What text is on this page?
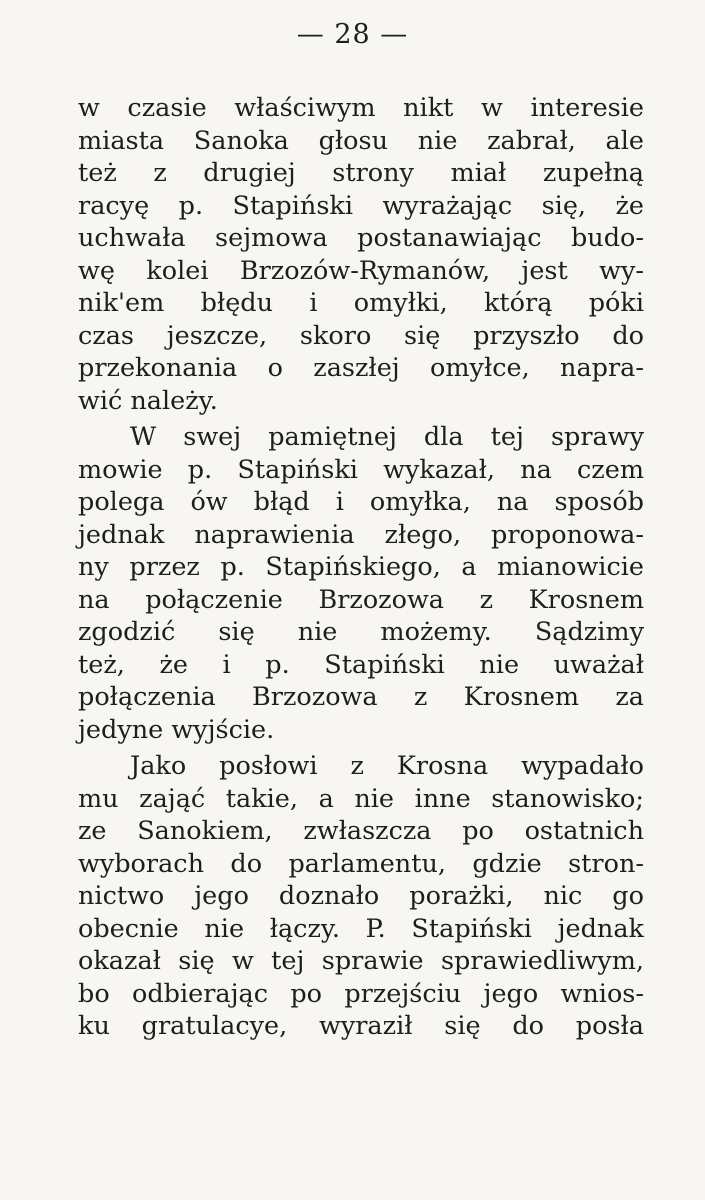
— 28 —
w czasie właściwym nikt w interesie
miasta Sanoka głosu nie zabrał, ale
też z drugiej strony miał zupełną
racyę p. Stapiński wyrażając się, że
uchwała sejmowa postanawiając budo-
wę kolei Brzozów-Rymanów, jest wy-
nik'em błędu i omyłki, którą póki
czas jeszcze, skoro się przyszło do
przekonania o zaszłej omyłce, napra-
wić należy.
W swej pamiętnej dla tej sprawy
mowie p. Stapiński wykazał, na czem
polega ów błąd i omyłka, na sposób
jednak naprawienia złego, proponowa-
ny przez p. Stapińskiego, a mianowicie
na połączenie Brzozowa z Krosnem
zgodzić się nie możemy. Sądzimy
też, że i p. Stapiński nie uważał
połączenia Brzozowa z Krosnem za
jedyne wyjście.
Jako posłowi z Krosna wypadało
mu zająć takie, a nie inne stanowisko;
ze Sanokiem, zwłaszcza po ostatnich
wyborach do parlamentu, gdzie stron-
nictwo jego doznało porażki, nic go
obecnie nie łączy. P. Stapiński jednak
okazał się w tej sprawie sprawiedliwym,
bo odbierając po przejściu jego wnios-
ku gratulacye, wyraził się do posła
